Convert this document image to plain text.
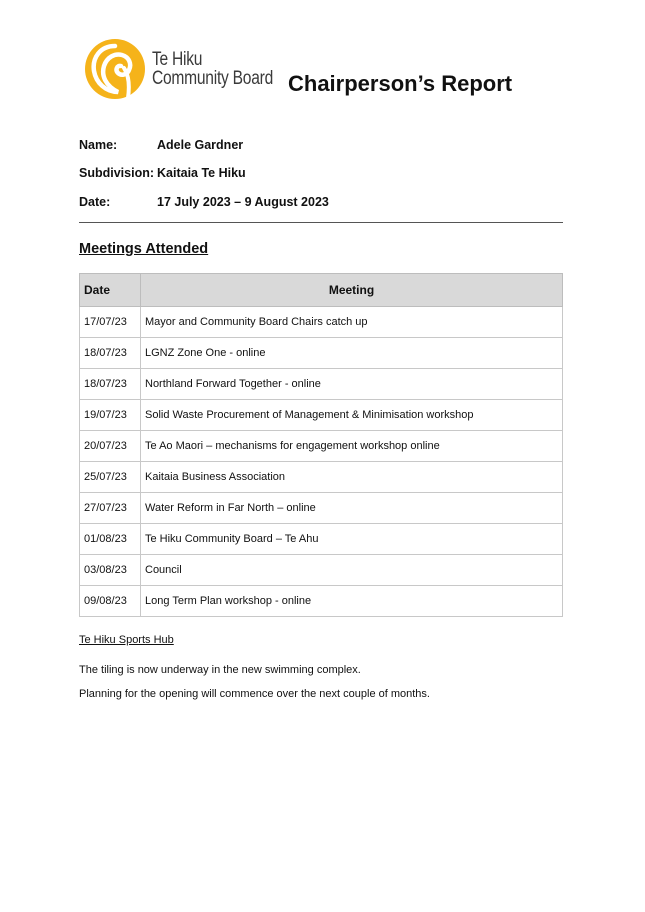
Te Hiku
Community Board Chairperson’s Report
Name:	Adele Gardner
Subdivision: Kaitaia Te Hiku
Date:	17 July 2023 – 9 August 2023
Meetings Attended
Date	Meeting
17/07/23	Mayor and Community Board Chairs catch up
18/07/23	LGNZ Zone One - online
18/07/23	Northland Forward Together - online
19/07/23	Solid Waste Procurement of Management & Minimisation workshop
20/07/23	Te Ao Maori – mechanisms for engagement workshop online
25/07/23	Kaitaia Business Association
27/07/23	Water Reform in Far North – online
01/08/23	Te Hiku Community Board – Te Ahu
03/08/23	Council
09/08/23	Long Term Plan workshop - online
Te Hiku Sports Hub
The tiling is now underway in the new swimming complex.
Planning for the opening will commence over the next couple of months.
